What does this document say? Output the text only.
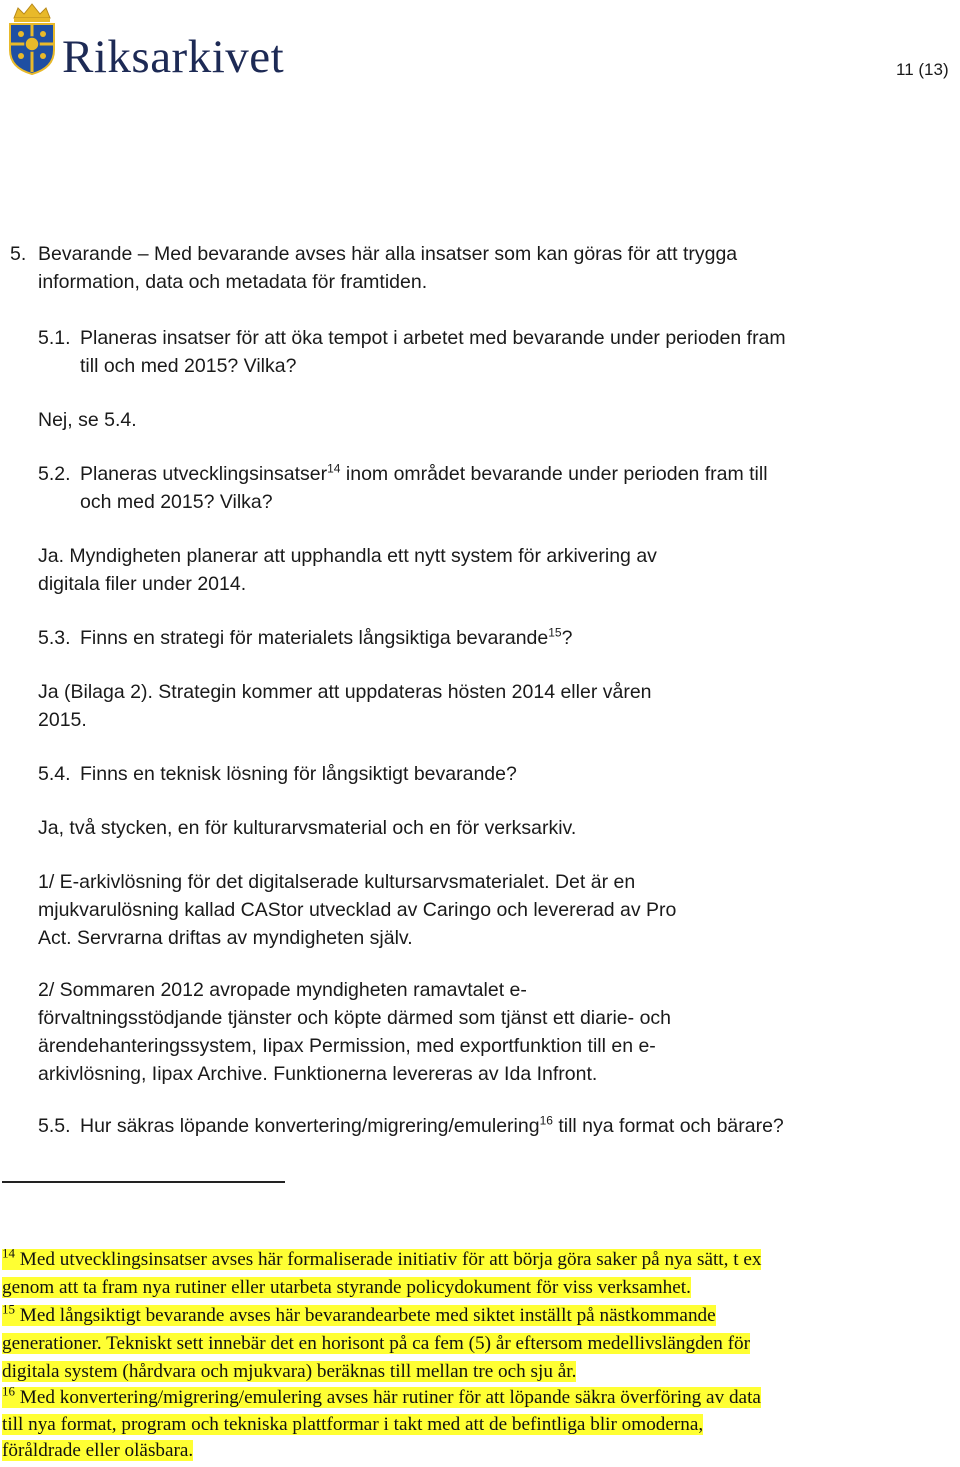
Riksarkivet	11 (13)
5. Bevarande – Med bevarande avses här alla insatser som kan göras för att trygga
information, data och metadata för framtiden.
5.1. Planeras insatser för att öka tempot i arbetet med bevarande under perioden fram
till och med 2015? Vilka?
Nej, se 5.4.
5.2. Planeras utvecklingsinsatser$^{14}$ inom området bevarande under perioden fram till
och med 2015? Vilka?
Ja. Myndigheten planerar att upphandla ett nytt system för arkivering av
digitala filer under 2014.
5.3. Finns en strategi för materialets långsiktiga bevarande$^{15}$?
Ja (Bilaga 2). Strategin kommer att uppdateras hösten 2014 eller våren
2015.
5.4. Finns en teknisk lösning för långsiktigt bevarande?
Ja, två stycken, en för kulturarvsmaterial och en för verksarkiv.
1/ E-arkivlösning för det digitalserade kultursarvsmaterialet. Det är en
mjukvarulösning kallad CAStor utvecklad av Caringo och levererad av Pro
Act. Servrarna driftas av myndigheten själv.
2/ Sommaren 2012 avropade myndigheten ramavtalet e-
förvaltningsstödjande tjänster och köpte därmed som tjänst ett diarie- och
ärendehanteringssystem, Iipax Permission, med exportfunktion till en e-
arkivlösning, Iipax Archive. Funktionerna levereras av Ida Infront.
5.5. Hur säkras löpande konvertering/migrering/emulering$^{16}$ till nya format och bärare?
$^{14}$ Med utvecklingsinsatser avses här formaliserade initiativ för att börja göra saker på nya sätt, t ex
genom att ta fram nya rutiner eller utarbeta styrande policydokument för viss verksamhet.
$^{15}$ Med långsiktigt bevarande avses här bevarandearbete med siktet inställt på nästkommande
generationer. Tekniskt sett innebär det en horisont på ca fem (5) år eftersom medellivslängden för
digitala system (hårdvara och mjukvara) beräknas till mellan tre och sju år.
$^{16}$ Med konvertering/migrering/emulering avses här rutiner för att löpande säkra överföring av data
till nya format, program och tekniska plattformar i takt med att de befintliga blir omoderna,
föråldrade eller oläsbara.
